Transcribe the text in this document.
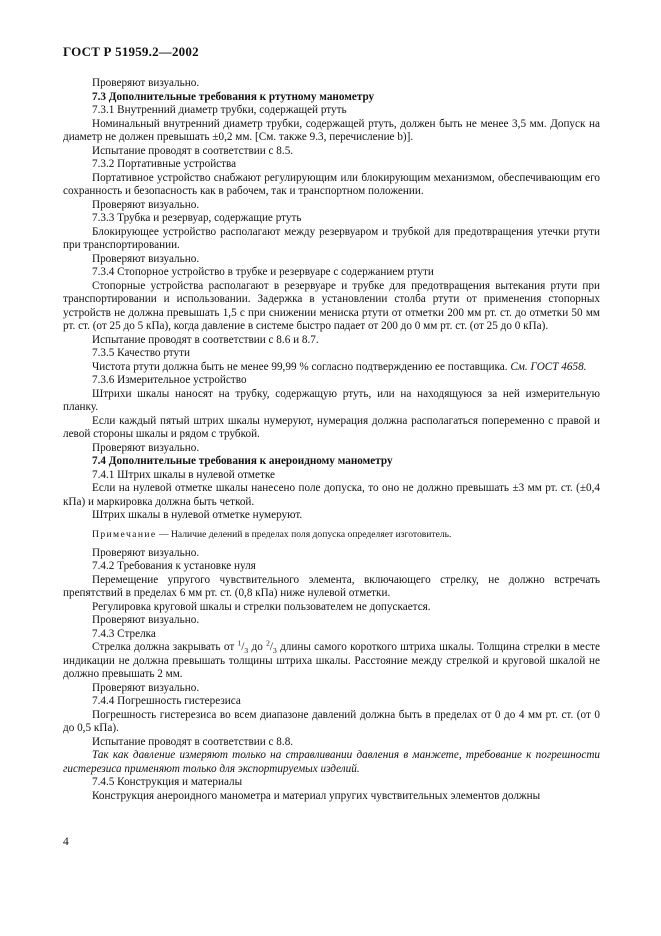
ГОСТ Р 51959.2—2002

Проверяют визуально.

7.3 Дополнительные требования к ртутному манометру

7.3.1 Внутренний диаметр трубки, содержащей ртуть

Номинальный внутренний диаметр трубки, содержащей ртуть, должен быть не менее 3,5 мм. Допуск на диаметр не должен превышать ±0,2 мм. [См. также 9.3, перечисление b)].

Испытание проводят в соответствии с 8.5.

7.3.2 Портативные устройства

Портативное устройство снабжают регулирующим или блокирующим механизмом, обеспечивающим его сохранность и безопасность как в рабочем, так и транспортном положении.

Проверяют визуально.

7.3.3 Трубка и резервуар, содержащие ртуть

Блокирующее устройство располагают между резервуаром и трубкой для предотвращения утечки ртути при транспортировании.

Проверяют визуально.

7.3.4 Стопорное устройство в трубке и резервуаре с содержанием ртути

Стопорные устройства располагают в резервуаре и трубке для предотвращения вытекания ртути при транспортировании и использовании. Задержка в установлении столба ртути от применения стопорных устройств не должна превышать 1,5 с при снижении мениска ртути от отметки 200 мм рт. ст. до отметки 50 мм рт. ст. (от 25 до 5 кПа), когда давление в системе быстро падает от 200 до 0 мм рт. ст. (от 25 до 0 кПа).

Испытание проводят в соответствии с 8.6 и 8.7.

7.3.5 Качество ртути

Чистота ртути должна быть не менее 99,99 % согласно подтверждению ее поставщика. См. ГОСТ 4658.

7.3.6 Измерительное устройство

Штрихи шкалы наносят на трубку, содержащую ртуть, или на находящуюся за ней измерительную планку.

Если каждый пятый штрих шкалы нумеруют, нумерация должна располагаться попеременно с правой и левой стороны шкалы и рядом с трубкой.

Проверяют визуально.

7.4 Дополнительные требования к анероидному манометру

7.4.1 Штрих шкалы в нулевой отметке

Если на нулевой отметке шкалы нанесено поле допуска, то оно не должно превышать ±3 мм рт. ст. (±0,4 кПа) и маркировка должна быть четкой.

Штрих шкалы в нулевой отметке нумеруют.

Примечание — Наличие делений в пределах поля допуска определяет изготовитель.

Проверяют визуально.

7.4.2 Требования к установке нуля

Перемещение упругого чувствительного элемента, включающего стрелку, не должно встречать препятствий в пределах 6 мм рт. ст. (0,8 кПа) ниже нулевой отметки.

Регулировка круговой шкалы и стрелки пользователем не допускается.

Проверяют визуально.

7.4.3 Стрелка

Стрелка должна закрывать от $^1/_3$ до $^2/_3$ длины самого короткого штриха шкалы. Толщина стрелки в месте индикации не должна превышать толщины штриха шкалы. Расстояние между стрелкой и круговой шкалой не должно превышать 2 мм.

Проверяют визуально.

7.4.4 Погрешность гистерезиса

Погрешность гистерезиса во всем диапазоне давлений должна быть в пределах от 0 до 4 мм рт. ст. (от 0 до 0,5 кПа).

Испытание проводят в соответствии с 8.8.

Так как давление измеряют только на стравливании давления в манжете, требование к погрешности гистерезиса применяют только для экспортируемых изделий.

7.4.5 Конструкция и материалы

Конструкция анероидного манометра и материал упругих чувствительных элементов должны

4
